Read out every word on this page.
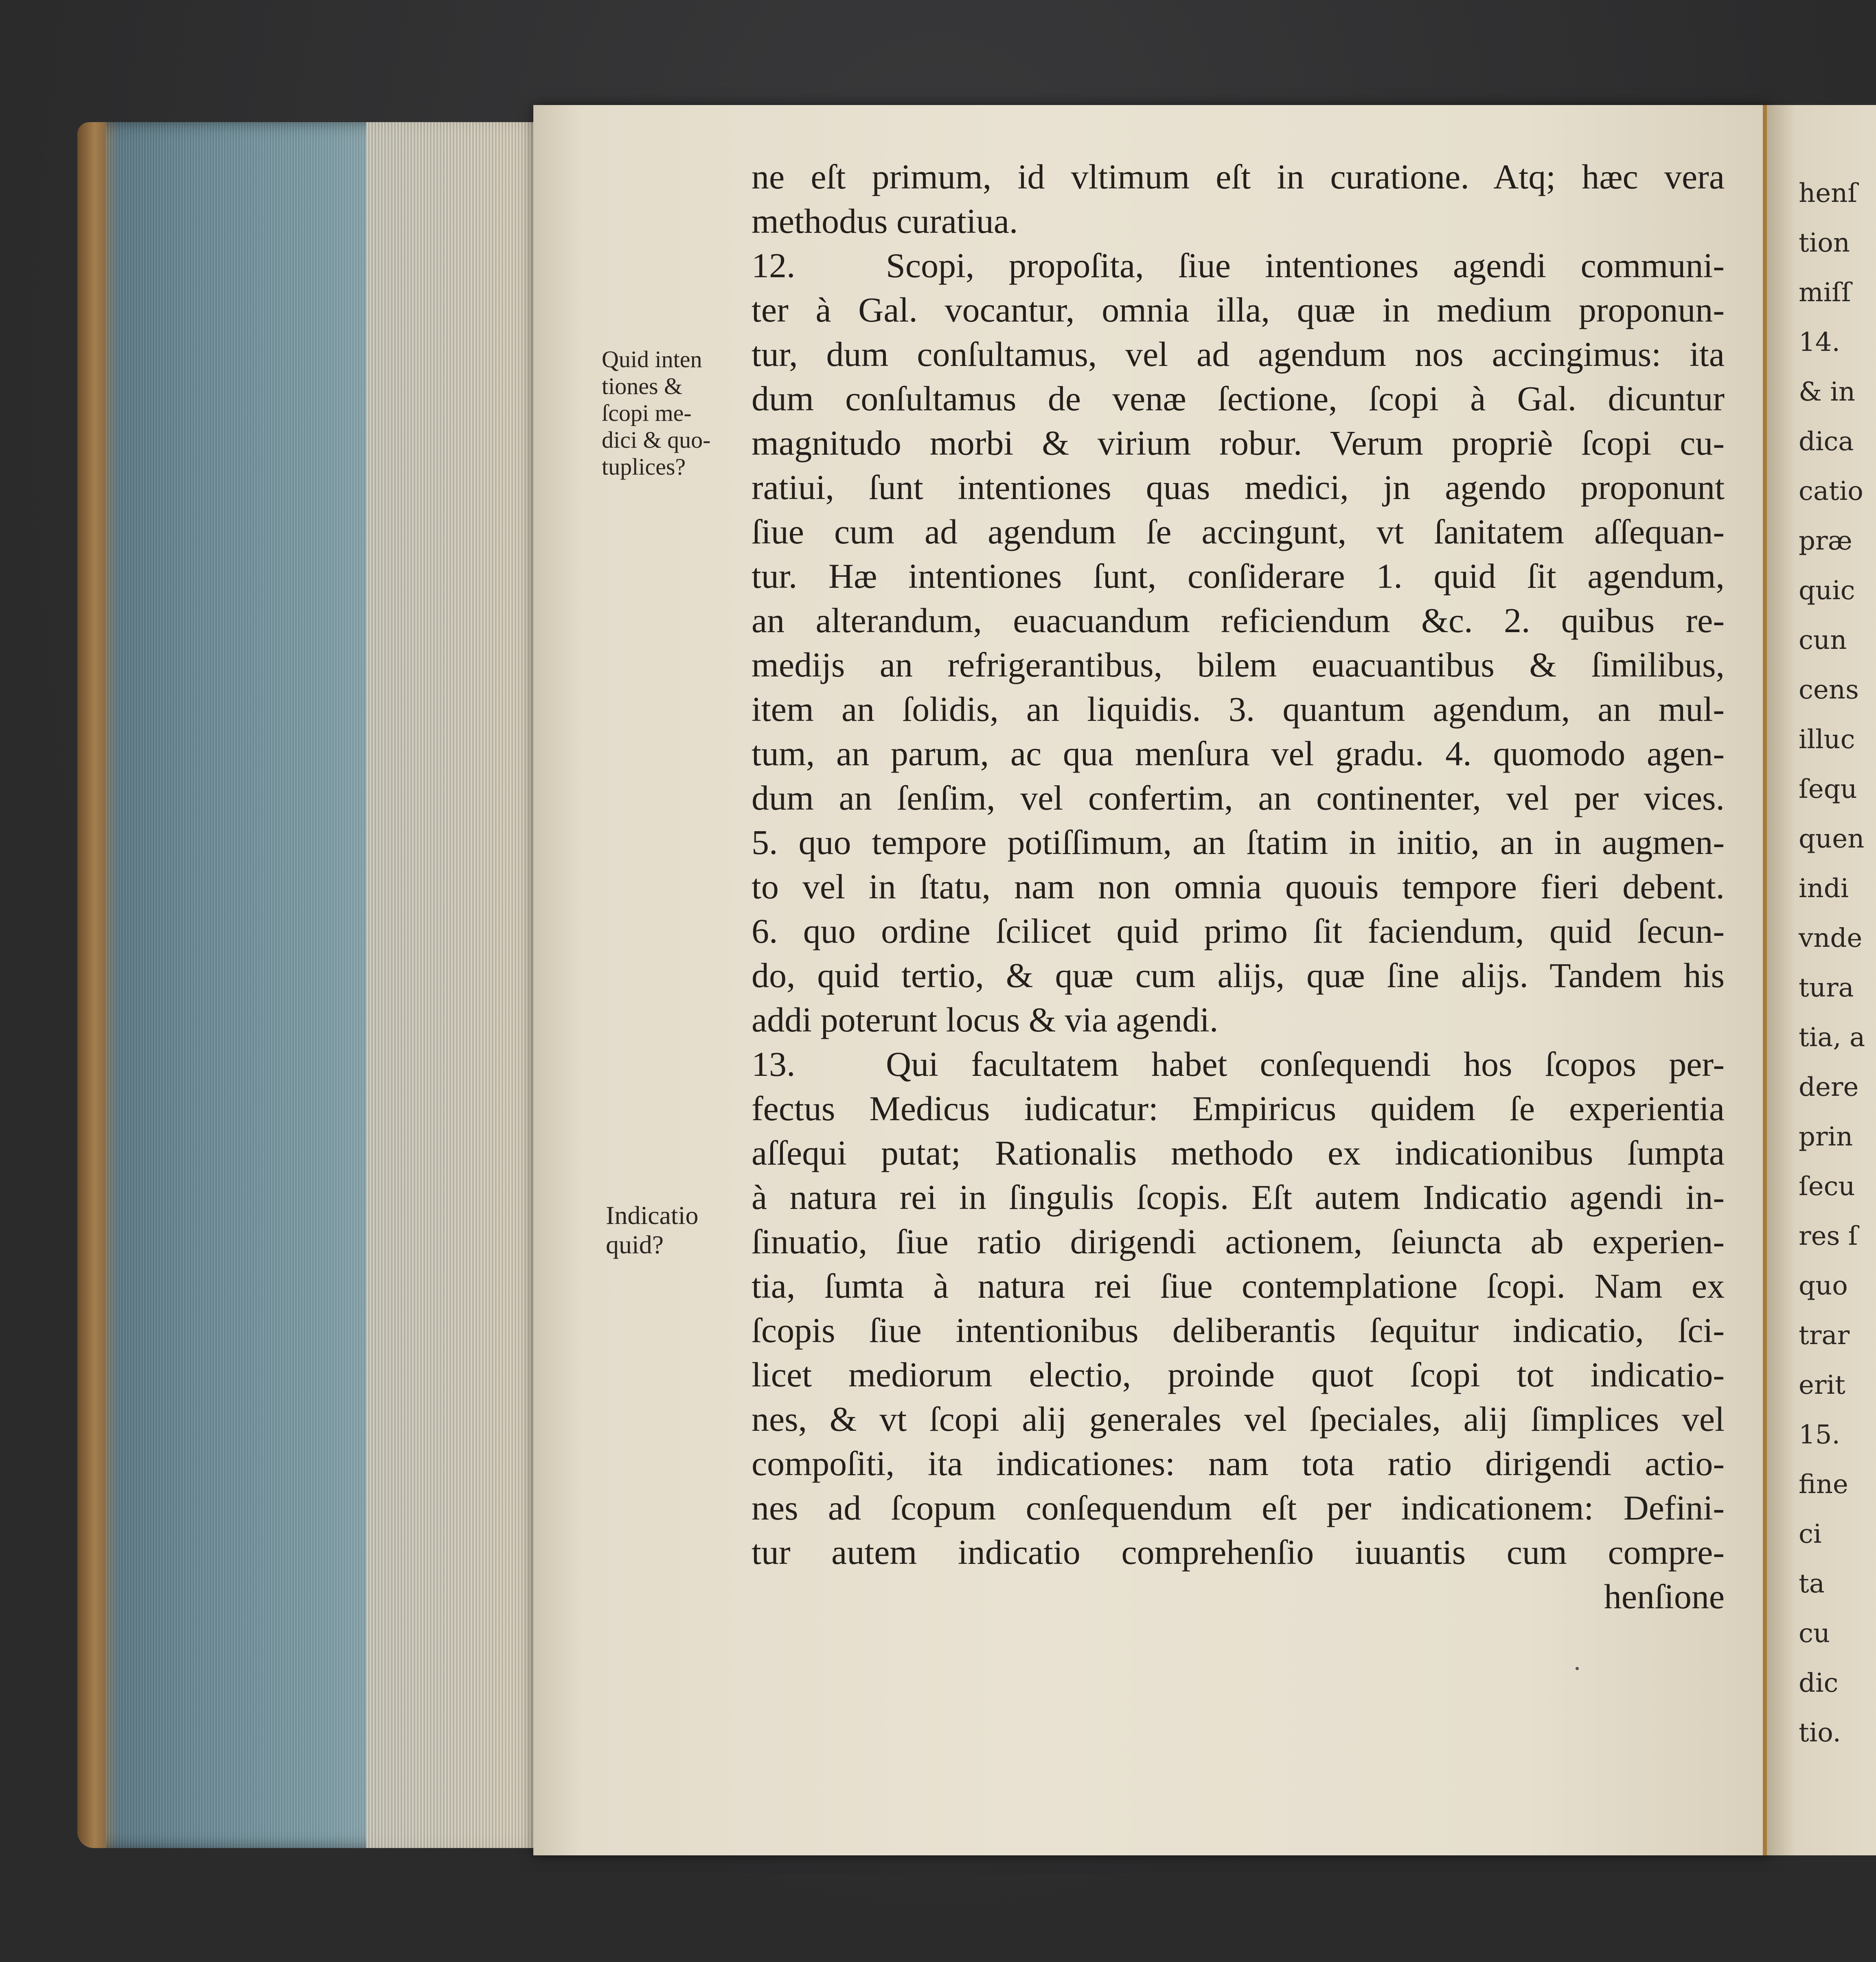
henſ
tion
miſſ
14.
& in
dica
catio
præ
quic
cun
cens
illuc
ſequ
quen
indi
vnde
tura
tia, a
dere
prin
ſecu
res ſ
quo
trar
erit
15.
fine
ci
ta
cu
dic
tio.
Quid inten
tiones &
ſcopi me-
dici & quo-
tuplices?
Indicatio
quid?
ne eſt primum, id vltimum eſt in curatione. Atq; hæc vera
methodus curatiua.
12.	Scopi, propoſita, ſiue intentiones agendi communi-
ter à Gal. vocantur, omnia illa, quæ in medium proponun-
tur, dum conſultamus, vel ad agendum nos accingimus: ita
dum conſultamus de venæ ſectione, ſcopi à Gal. dicuntur
magnitudo morbi & virium robur. Verum propriè ſcopi cu-
ratiui, ſunt intentiones quas medici, jn agendo proponunt
ſiue cum ad agendum ſe accingunt, vt ſanitatem aſſequan-
tur. Hæ intentiones ſunt, conſiderare 1. quid ſit agendum,
an alterandum, euacuandum reficiendum &c. 2. quibus re-
medijs an refrigerantibus, bilem euacuantibus & ſimilibus,
item an ſolidis, an liquidis. 3. quantum agendum, an mul-
tum, an parum, ac qua menſura vel gradu. 4. quomodo agen-
dum an ſenſim, vel confertim, an continenter, vel per vices.
5. quo tempore potiſſimum, an ſtatim in initio, an in augmen-
to vel in ſtatu, nam non omnia quouis tempore fieri debent.
6. quo ordine ſcilicet quid primo ſit faciendum, quid ſecun-
do, quid tertio, & quæ cum alijs, quæ ſine alijs. Tandem his
addi poterunt locus & via agendi.
13.	Qui facultatem habet conſequendi hos ſcopos per-
fectus Medicus iudicatur: Empiricus quidem ſe experientia
aſſequi putat; Rationalis methodo ex indicationibus ſumpta
à natura rei in ſingulis ſcopis. Eſt autem Indicatio agendi in-
ſinuatio, ſiue ratio dirigendi actionem, ſeiuncta ab experien-
tia, ſumta à natura rei ſiue contemplatione ſcopi. Nam ex
ſcopis ſiue intentionibus deliberantis ſequitur indicatio, ſci-
licet mediorum electio, proinde quot ſcopi tot indicatio-
nes, & vt ſcopi alij generales vel ſpeciales, alij ſimplices vel
compoſiti, ita indicationes: nam tota ratio dirigendi actio-
nes ad ſcopum conſequendum eſt per indicationem: Defini-
tur autem indicatio comprehenſio iuuantis cum compre-
henſione
